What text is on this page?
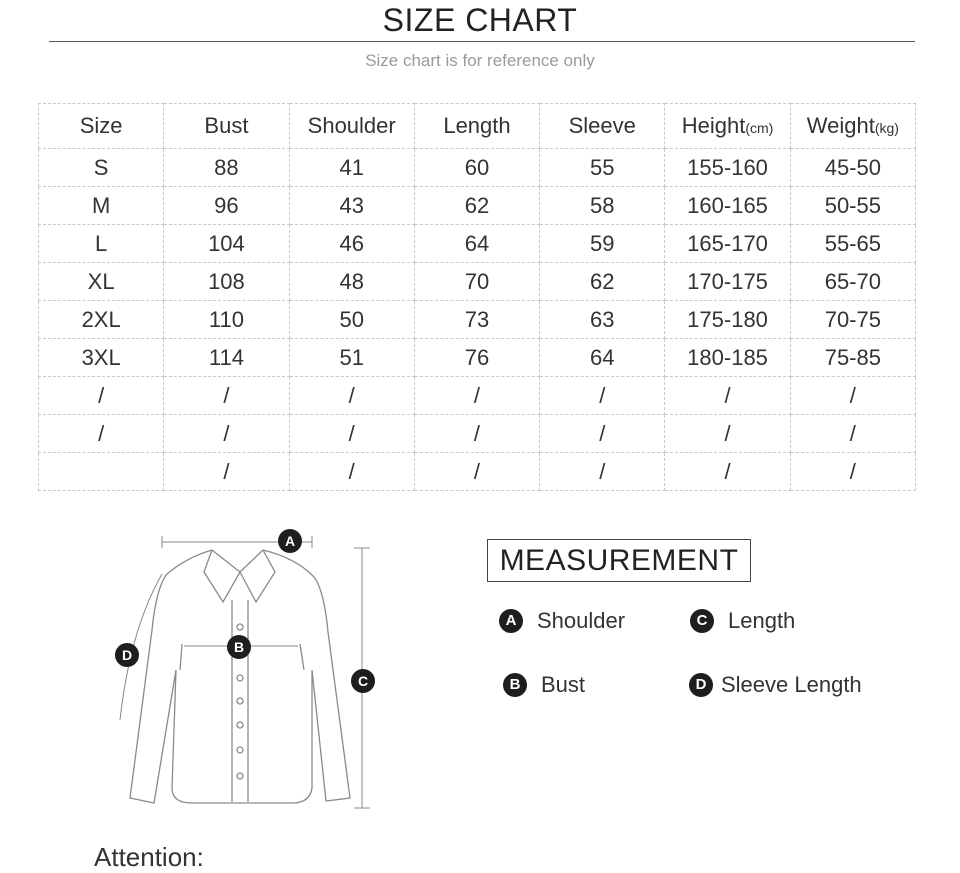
SIZE CHART
Size chart is for reference only
Size	Bust	Shoulder	Length	Sleeve	Height(cm)	Weight(kg)
S	88	41	60	55	155-160	45-50
M	96	43	62	58	160-165	50-55
L	104	46	64	59	165-170	55-65
XL	108	48	70	62	170-175	65-70
2XL	110	50	73	63	175-180	70-75
3XL	114	51	76	64	180-185	75-85
/	/	/	/	/	/	/
/	/	/	/	/	/	/
	/	/	/	/	/	/
A
B
C
D
MEASUREMENT
A Shoulder	C Length
B Bust	D Sleeve Length
Attention:
